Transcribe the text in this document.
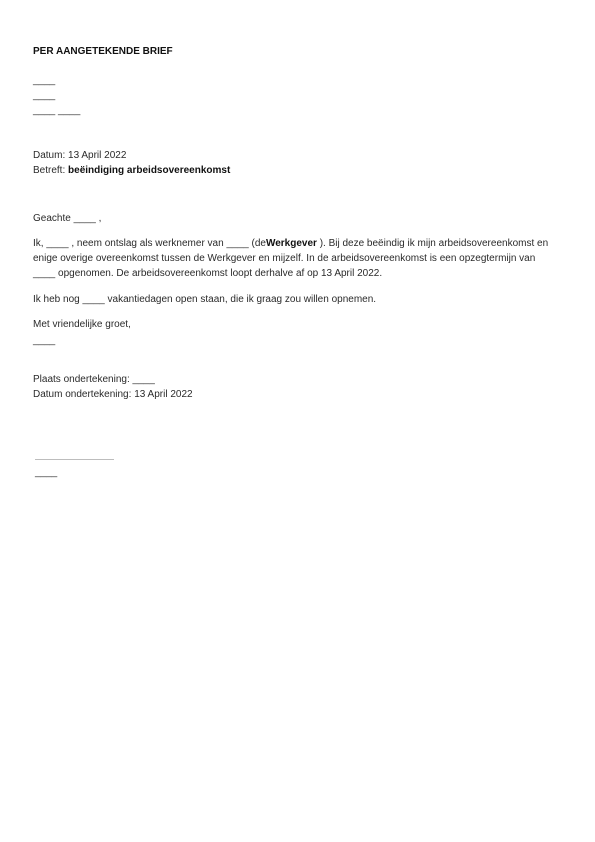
PER AANGETEKENDE BRIEF
____
____
____ ____
Datum: 13 April 2022
Betreft: beëindiging arbeidsovereenkomst
Geachte ____ ,
Ik, ____ , neem ontslag als werknemer van ____ (deWerkgever ). Bij deze beëindig ik mijn arbeidsovereenkomst en
enige overige overeenkomst tussen de Werkgever en mijzelf. In de arbeidsovereenkomst is een opzegtermijn van
____ opgenomen. De arbeidsovereenkomst loopt derhalve af op 13 April 2022.
Ik heb nog ____ vakantiedagen open staan, die ik graag zou willen opnemen.
Met vriendelijke groet,
____
Plaats ondertekening: ____
Datum ondertekening: 13 April 2022
____
